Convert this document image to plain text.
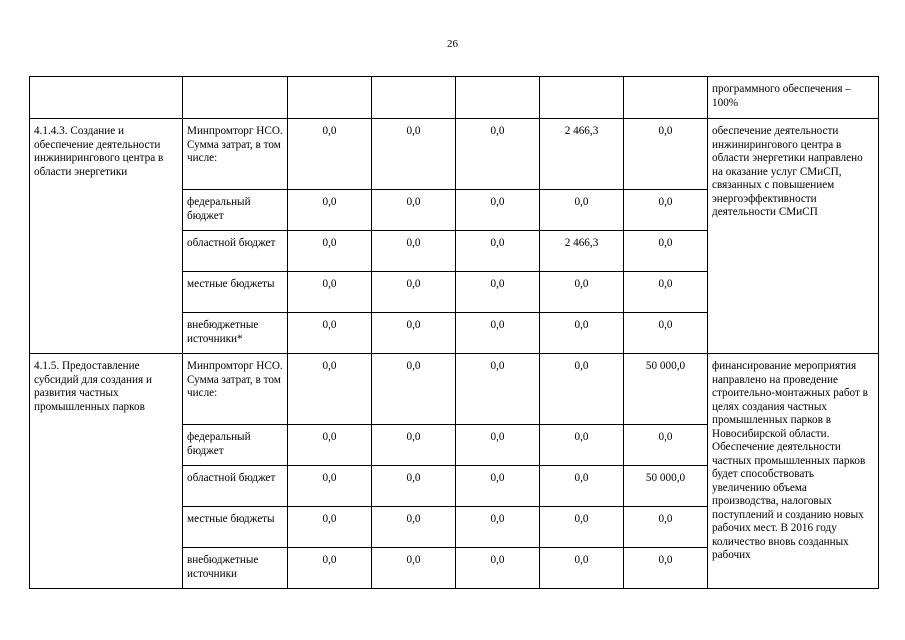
26
							программного обеспечения – 100%
4.1.4.3. Создание и обеспечение деятельности инжинирингового центра в области энергетики	Минпромторг НСО. Сумма затрат, в том числе:	0,0	0,0	0,0	2 466,3	0,0	обеспечение деятельности инжинирингового центра в области энергетики направлено на оказание услуг СМиСП, связанных с повышением энергоэффективности деятельности СМиСП
	федеральный бюджет	0,0	0,0	0,0	0,0	0,0	
	областной бюджет	0,0	0,0	0,0	2 466,3	0,0	
	местные бюджеты	0,0	0,0	0,0	0,0	0,0	
	внебюджетные источники*	0,0	0,0	0,0	0,0	0,0	
4.1.5. Предоставление субсидий для создания и развития частных промышленных парков	Минпромторг НСО. Сумма затрат, в том числе:	0,0	0,0	0,0	0,0	50 000,0	финансирование мероприятия направлено на проведение строительно-монтажных работ в целях создания частных промышленных парков в Новосибирской области. Обеспечение деятельности частных промышленных парков будет способствовать увеличению объема производства, налоговых поступлений и созданию новых рабочих мест. В 2016 году количество вновь созданных рабочих
	федеральный бюджет	0,0	0,0	0,0	0,0	0,0	
	областной бюджет	0,0	0,0	0,0	0,0	50 000,0	
	местные бюджеты	0,0	0,0	0,0	0,0	0,0	
	внебюджетные источники	0,0	0,0	0,0	0,0	0,0	
